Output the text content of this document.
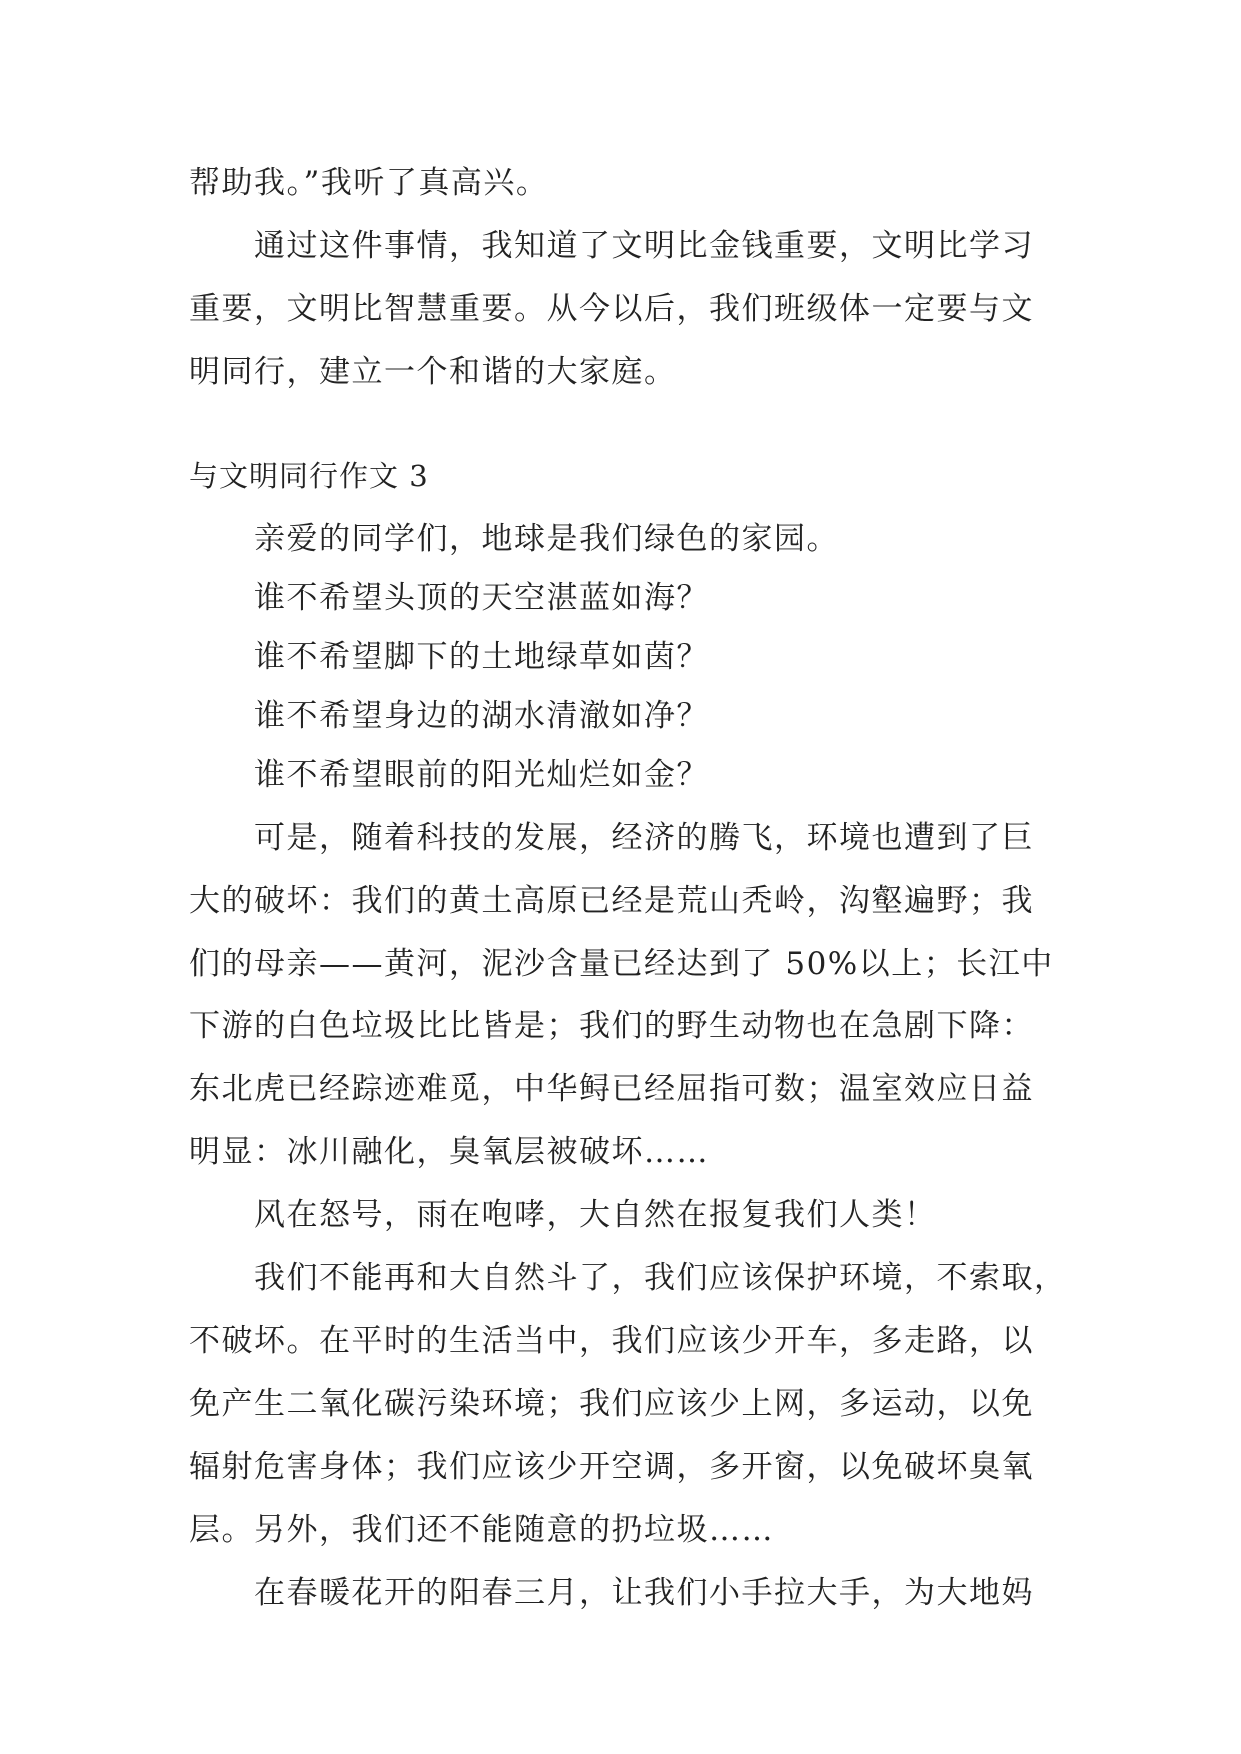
帮助我。”我听了真高兴。
通过这件事情，我知道了文明比金钱重要，文明比学习
重要，文明比智慧重要。从今以后，我们班级体一定要与文
明同行，建立一个和谐的大家庭。
与文明同行作文 3
亲爱的同学们，地球是我们绿色的家园。
谁不希望头顶的天空湛蓝如海？
谁不希望脚下的土地绿草如茵？
谁不希望身边的湖水清澈如净？
谁不希望眼前的阳光灿烂如金？
可是，随着科技的发展，经济的腾飞，环境也遭到了巨
大的破坏：我们的黄土高原已经是荒山秃岭，沟壑遍野；我
们的母亲——黄河，泥沙含量已经达到了 50%以上；长江中
下游的白色垃圾比比皆是；我们的野生动物也在急剧下降：
东北虎已经踪迹难觅，中华鲟已经屈指可数；温室效应日益
明显：冰川融化，臭氧层被破坏……
风在怒号，雨在咆哮，大自然在报复我们人类！
我们不能再和大自然斗了，我们应该保护环境，不索取，
不破坏。在平时的生活当中，我们应该少开车，多走路，以
免产生二氧化碳污染环境；我们应该少上网，多运动，以免
辐射危害身体；我们应该少开空调，多开窗，以免破坏臭氧
层。另外，我们还不能随意的扔垃圾……
在春暖花开的阳春三月，让我们小手拉大手，为大地妈
